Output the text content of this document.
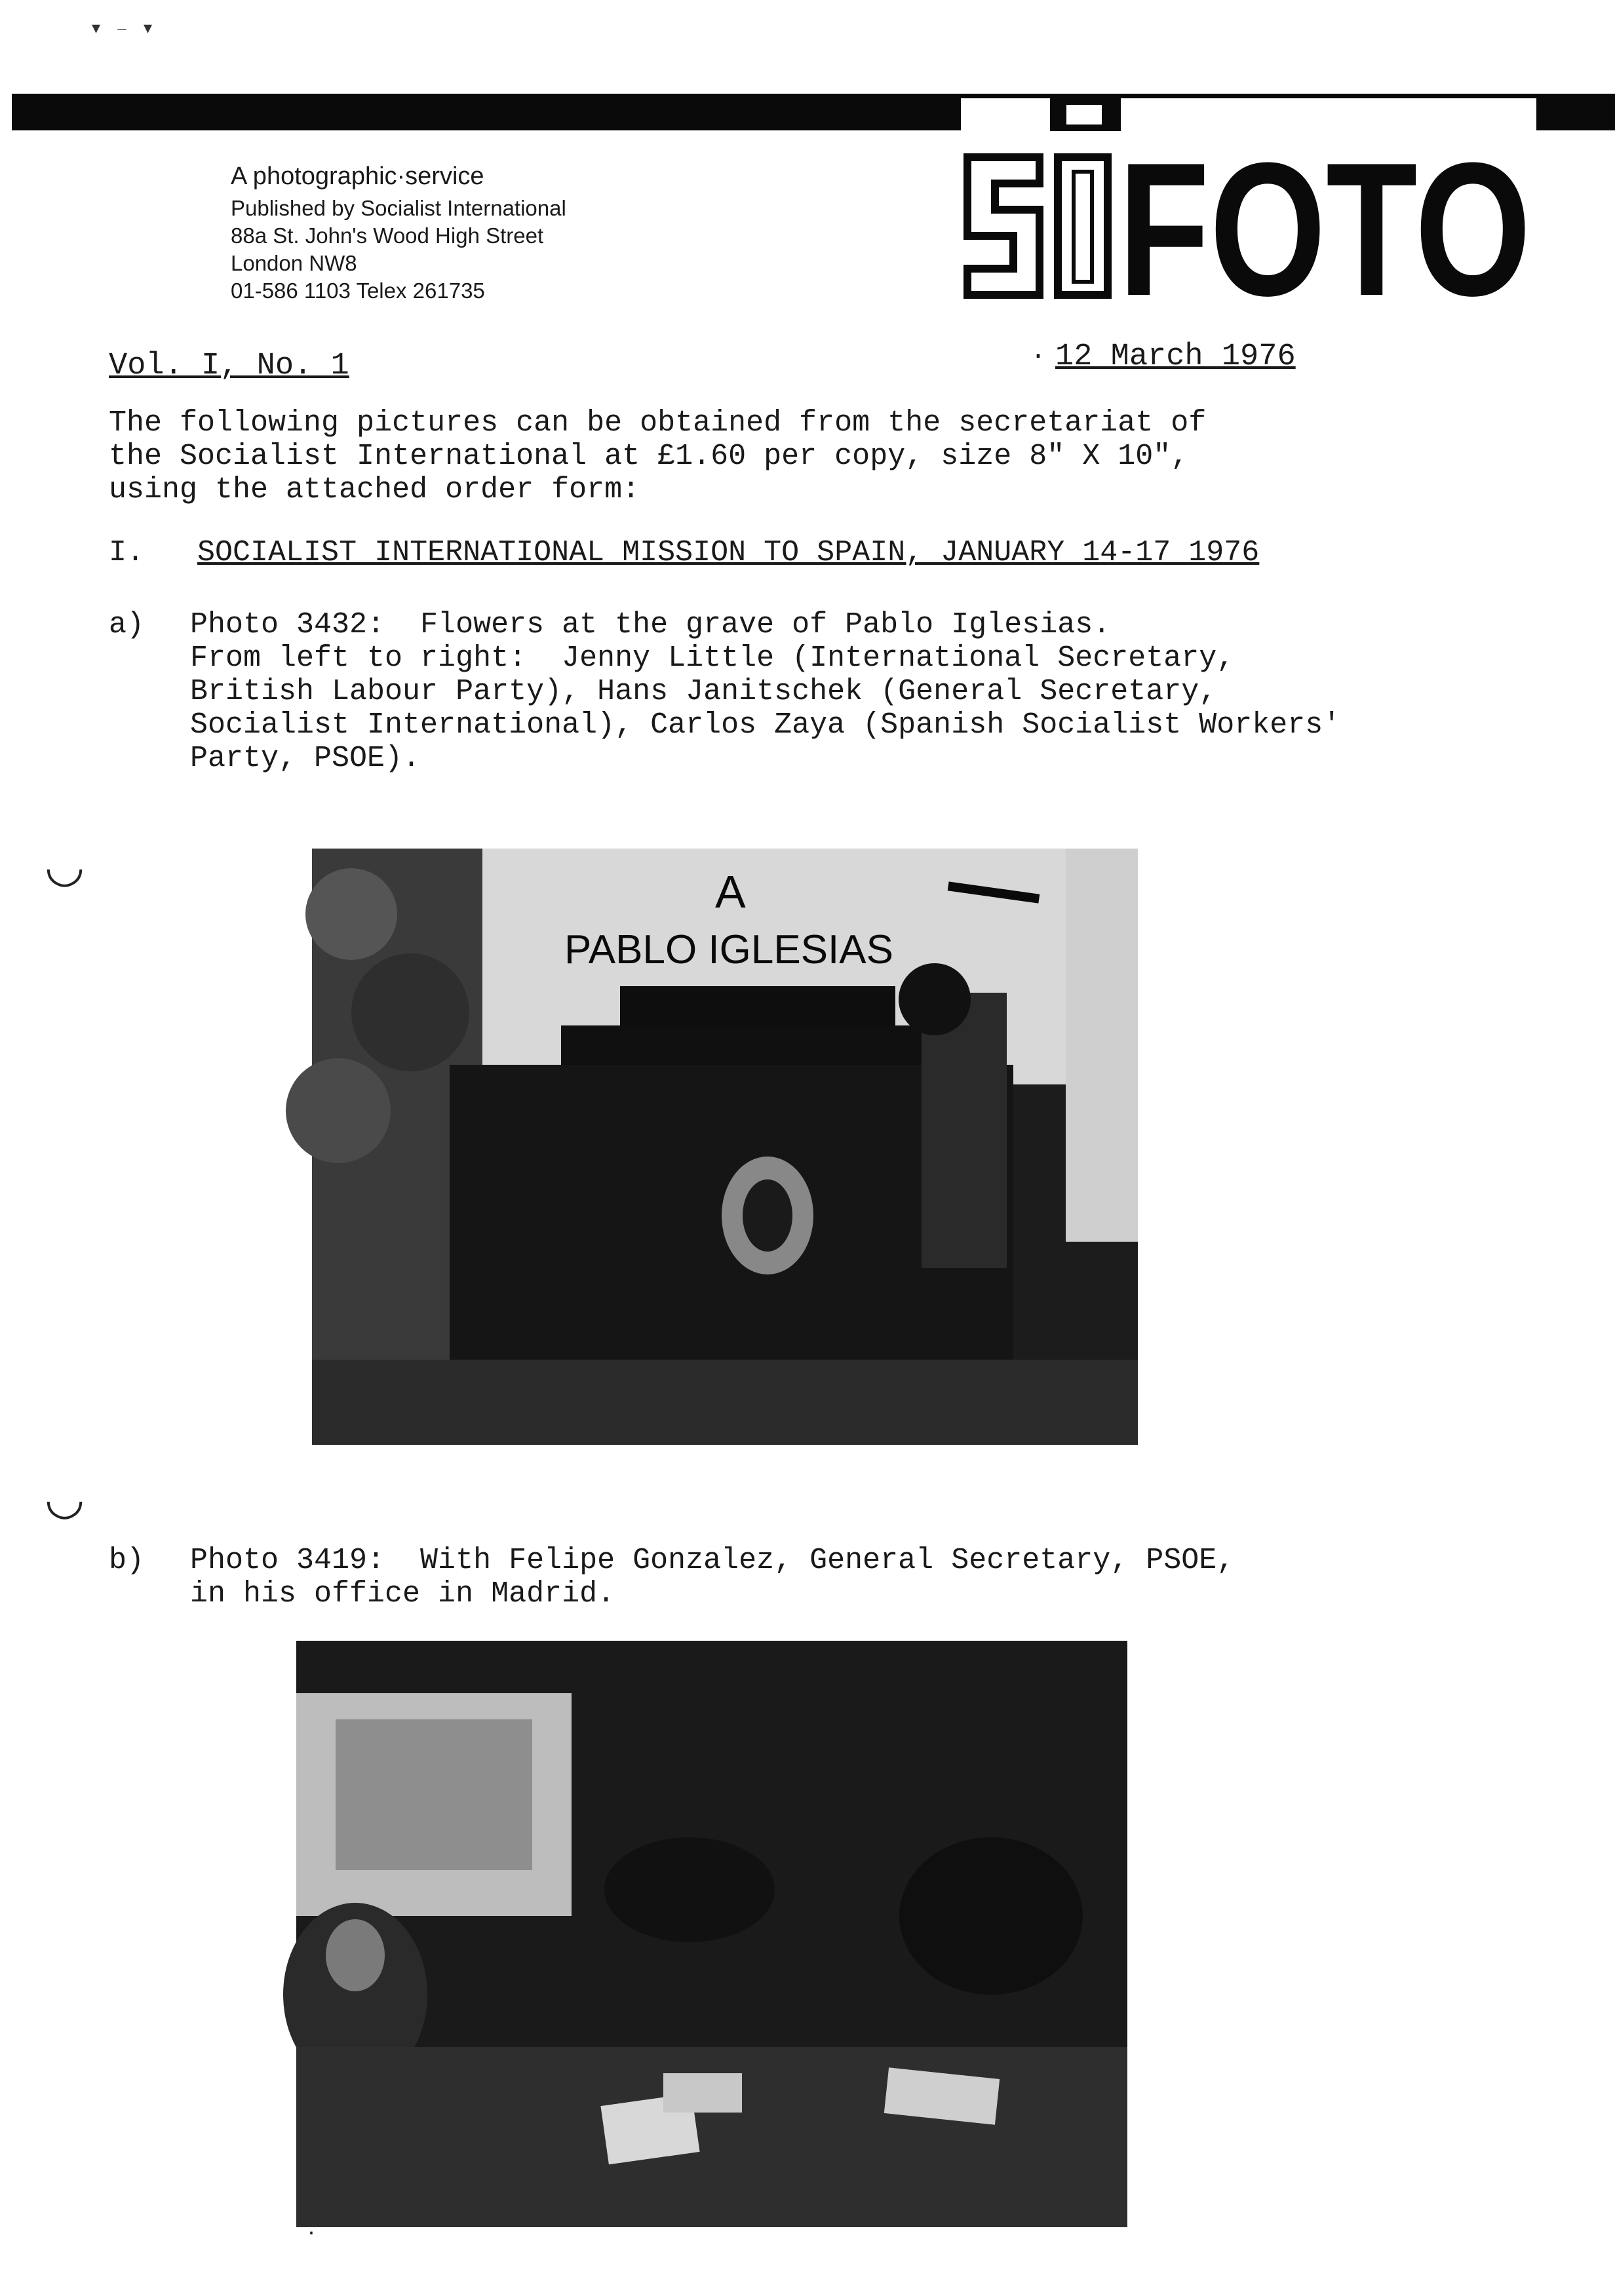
▾ ‒ ▾
A photographic·service
Published by Socialist International
88a St. John's Wood High Street
London NW8
01-586 1103 Telex 261735	FOTO
Vol. I, No. 1	· 12 March 1976
The following pictures can be obtained from the secretariat of
the Socialist International at £1.60 per copy, size 8" X 10",
using the attached order form:
I. SOCIALIST INTERNATIONAL MISSION TO SPAIN, JANUARY 14-17 1976
a) Photo 3432:  Flowers at the grave of Pablo Iglesias.
From left to right:  Jenny Little (International Secretary,
British Labour Party), Hans Janitschek (General Secretary,
Socialist International), Carlos Zaya (Spanish Socialist Workers'
Party, PSOE).
◡	A
PABLO IGLESIAS
◡
b) Photo 3419:  With Felipe Gonzalez, General Secretary, PSOE,
in his office in Madrid.
·
